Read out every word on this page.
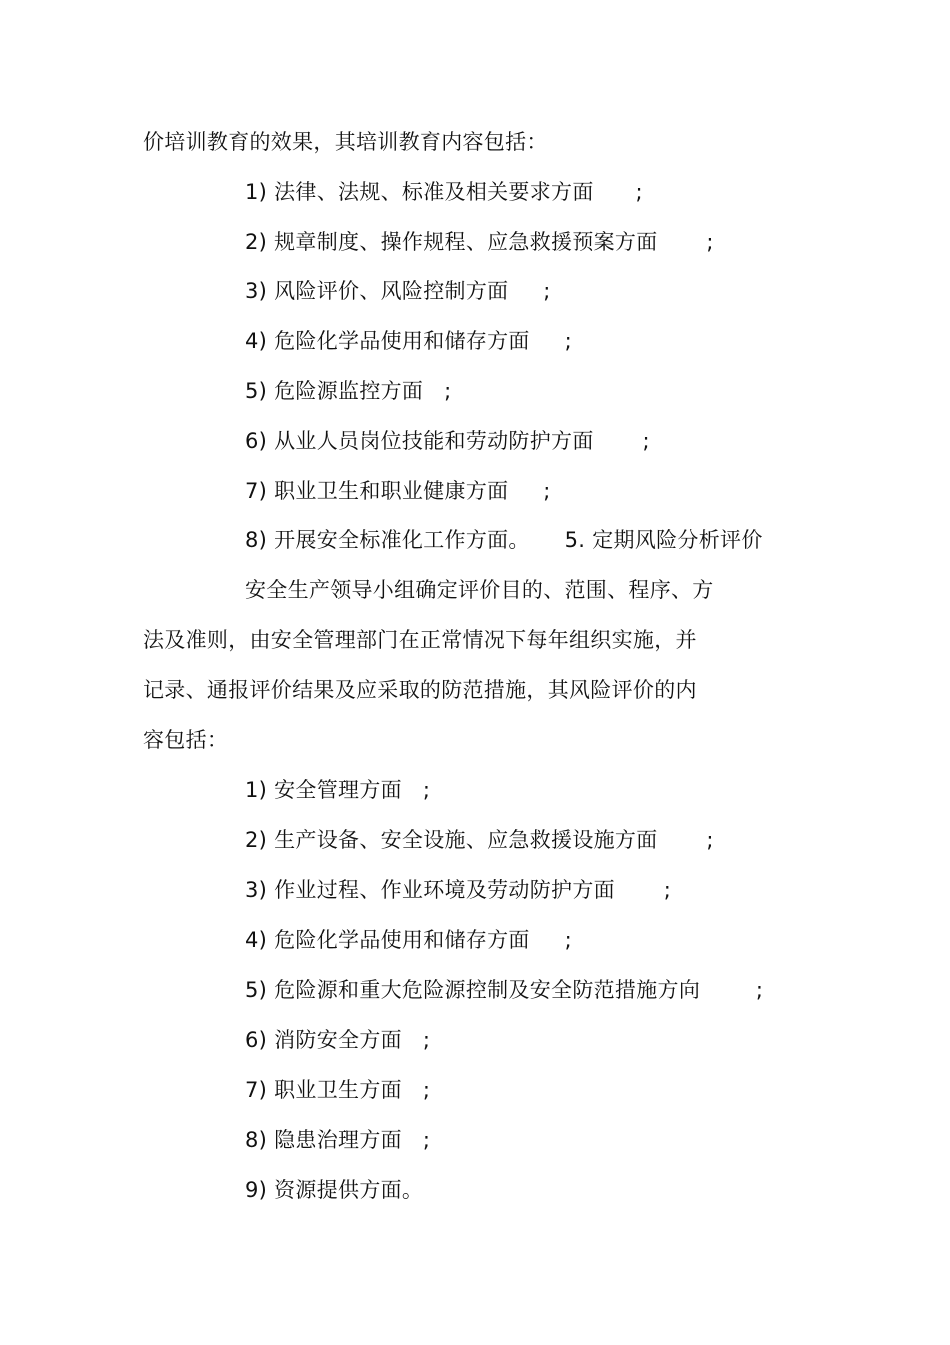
价培训教育的效果，其培训教育内容包括：
1) 法律、法规、标准及相关要求方面      ;
2) 规章制度、操作规程、应急救援预案方面       ;
3) 风险评价、风险控制方面     ;
4) 危险化学品使用和储存方面     ;
5) 危险源监控方面   ;
6) 从业人员岗位技能和劳动防护方面       ;
7) 职业卫生和职业健康方面     ;
8) 开展安全标准化工作方面。     5. 定期风险分析评价
安全生产领导小组确定评价目的、范围、程序、方
法及准则，由安全管理部门在正常情况下每年组织实施，并
记录、通报评价结果及应采取的防范措施，其风险评价的内
容包括：
1) 安全管理方面   ;
2) 生产设备、安全设施、应急救援设施方面       ;
3) 作业过程、作业环境及劳动防护方面       ;
4) 危险化学品使用和储存方面     ;
5) 危险源和重大危险源控制及安全防范措施方向        ;
6) 消防安全方面   ;
7) 职业卫生方面   ;
8) 隐患治理方面   ;
9) 资源提供方面。
